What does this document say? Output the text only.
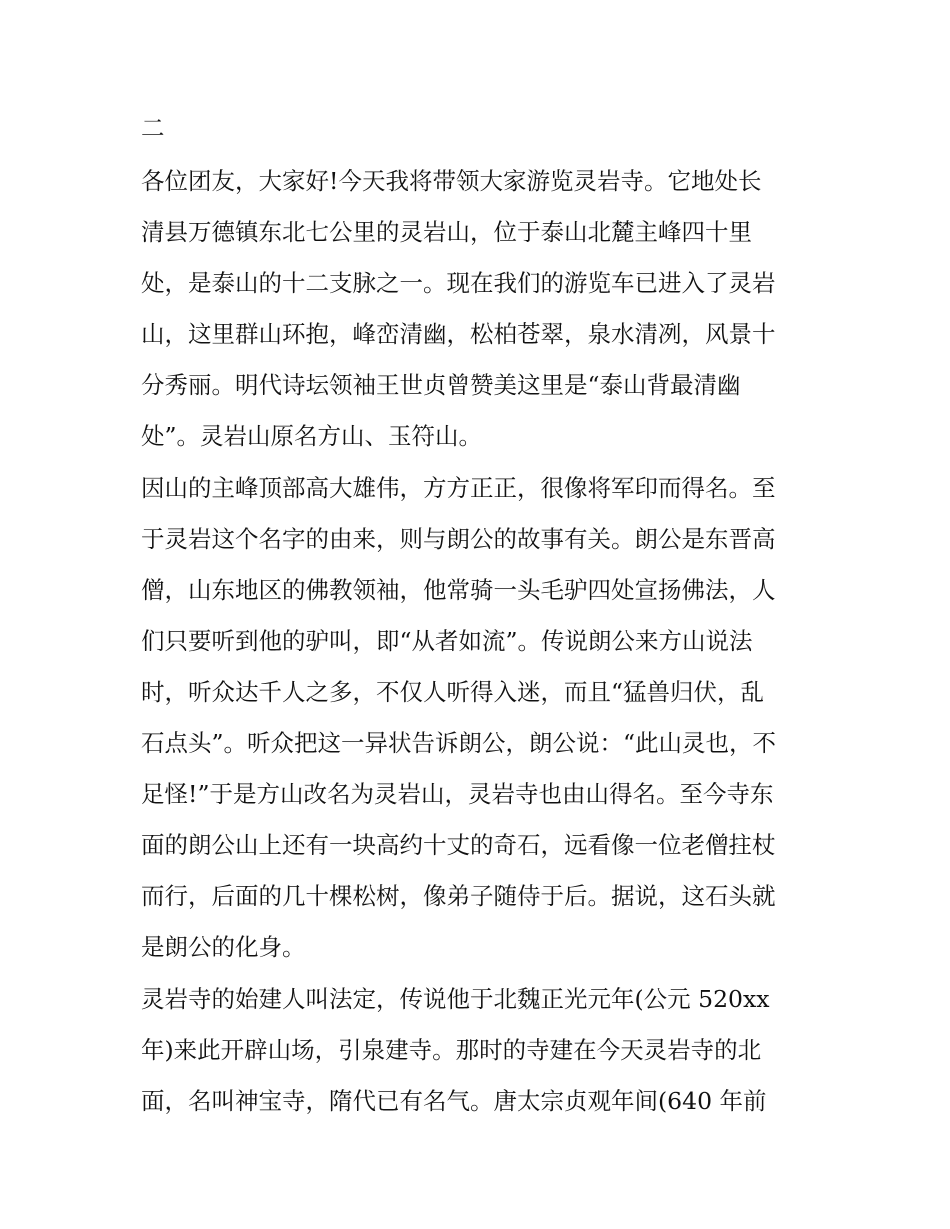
二
各位团友，大家好!今天我将带领大家游览灵岩寺。它地处长
清县万德镇东北七公里的灵岩山，位于泰山北麓主峰四十里
处，是泰山的十二支脉之一。现在我们的游览车已进入了灵岩
山，这里群山环抱，峰峦清幽，松柏苍翠，泉水清冽，风景十
分秀丽。明代诗坛领袖王世贞曾赞美这里是“泰山背最清幽
处”。灵岩山原名方山、玉符山。
因山的主峰顶部高大雄伟，方方正正，很像将军印而得名。至
于灵岩这个名字的由来，则与朗公的故事有关。朗公是东晋高
僧，山东地区的佛教领袖，他常骑一头毛驴四处宣扬佛法，人
们只要听到他的驴叫，即“从者如流”。传说朗公来方山说法
时，听众达千人之多，不仅人听得入迷，而且“猛兽归伏，乱
石点头”。听众把这一异状告诉朗公，朗公说：“此山灵也，不
足怪!”于是方山改名为灵岩山，灵岩寺也由山得名。至今寺东
面的朗公山上还有一块高约十丈的奇石，远看像一位老僧拄杖
而行，后面的几十棵松树，像弟子随侍于后。据说，这石头就
是朗公的化身。
灵岩寺的始建人叫法定，传说他于北魏正光元年(公元 520xx
年)来此开辟山场，引泉建寺。那时的寺建在今天灵岩寺的北
面，名叫神宝寺，隋代已有名气。唐太宗贞观年间(640 年前
